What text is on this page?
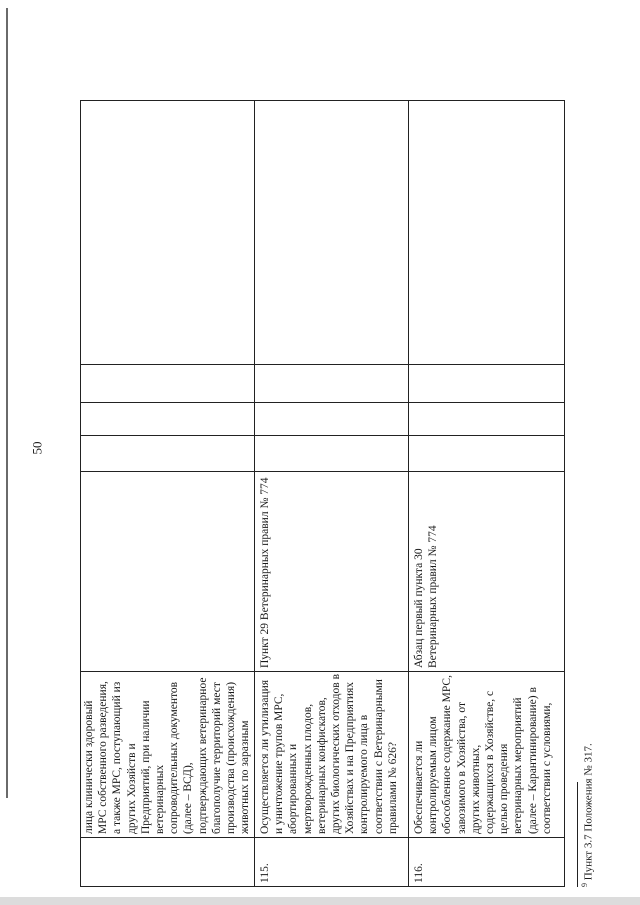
50
лица клинически здоровый МРС собственного разведения, а также МРС, поступающий из других Хозяйств и Предприятий, при наличии ветеринарных сопроводительных документов (далее – ВСД), подтверждающих ветеринарное благополучие территорий мест производства (происхождения) животных по заразным
115.
Осуществляется ли утилизация и уничтожение трупов МРС, абортированных и мертворожденных плодов, ветеринарных конфискатов, других биологических отходов в Хозяйствах и на Предприятиях контролируемого лица в соответствии с Ветеринарными правилами № 626?
Пункт 29 Ветеринарных правил № 774
116.
Обеспечивается ли контролируемым лицом обособленное содержание МРС, завозимого в Хозяйства, от других животных, содержащихся в Хозяйстве, с целью проведения ветеринарных мероприятий (далее – Карантинирование) в соответствии с условиями,
Абзац первый пункта 30 Ветеринарных правил № 774
$^9$ Пункт 3.7 Положения № 317.
